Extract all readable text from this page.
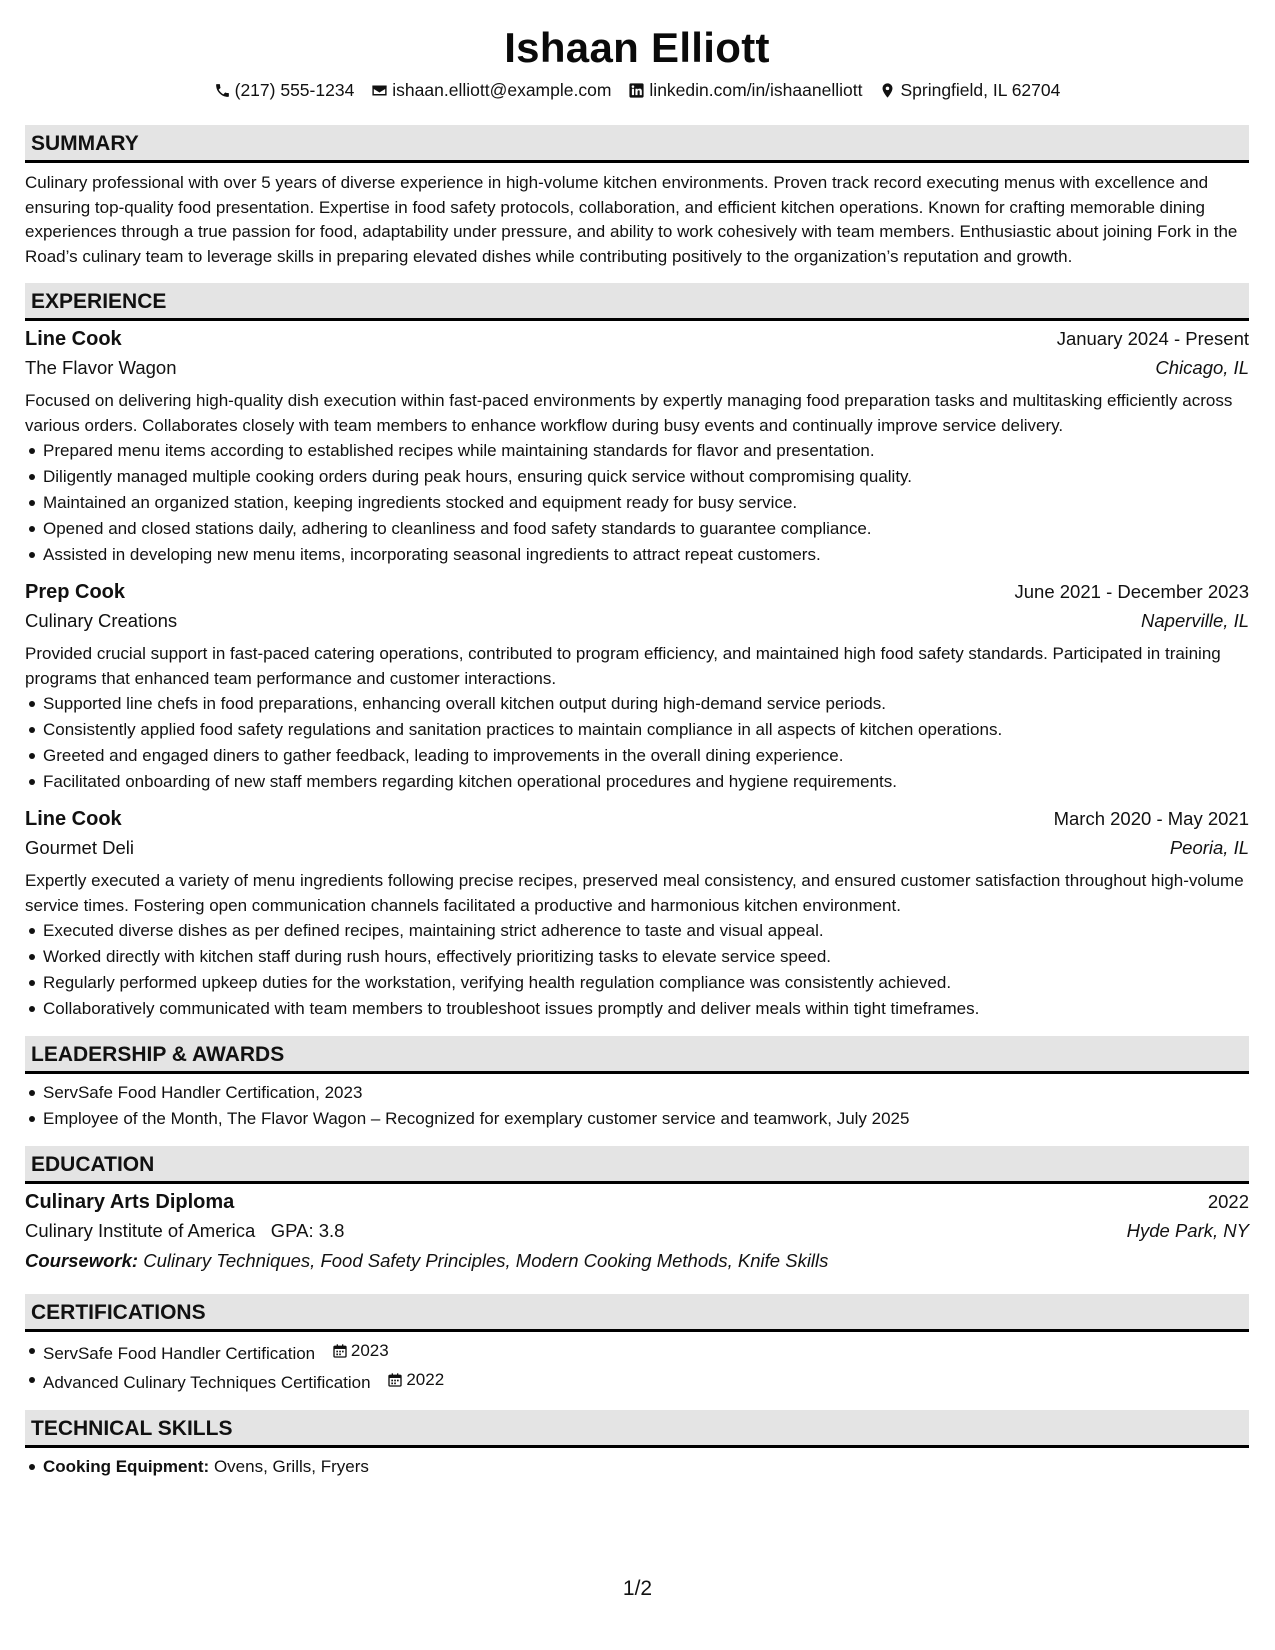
Ishaan Elliott
(217) 555-1234 ishaan.elliott@example.com linkedin.com/in/ishaanelliott Springfield, IL 62704
SUMMARY

Culinary professional with over 5 years of diverse experience in high-volume kitchen environments. Proven track record executing menus with excellence and ensuring top-quality food presentation. Expertise in food safety protocols, collaboration, and efficient kitchen operations. Known for crafting memorable dining experiences through a true passion for food, adaptability under pressure, and ability to work cohesively with team members. Enthusiastic about joining Fork in the Road’s culinary team to leverage skills in preparing elevated dishes while contributing positively to the organization’s reputation and growth.

EXPERIENCE
Line Cook	January 2024 - Present
The Flavor Wagon	Chicago, IL

Focused on delivering high-quality dish execution within fast-paced environments by expertly managing food preparation tasks and multitasking efficiently across various orders. Collaborates closely with team members to enhance workflow during busy events and continually improve service delivery.

Prepared menu items according to established recipes while maintaining standards for flavor and presentation.
Diligently managed multiple cooking orders during peak hours, ensuring quick service without compromising quality.
Maintained an organized station, keeping ingredients stocked and equipment ready for busy service.
Opened and closed stations daily, adhering to cleanliness and food safety standards to guarantee compliance.
Assisted in developing new menu items, incorporating seasonal ingredients to attract repeat customers.
Prep Cook	June 2021 - December 2023
Culinary Creations	Naperville, IL

Provided crucial support in fast-paced catering operations, contributed to program efficiency, and maintained high food safety standards. Participated in training programs that enhanced team performance and customer interactions.

Supported line chefs in food preparations, enhancing overall kitchen output during high-demand service periods.
Consistently applied food safety regulations and sanitation practices to maintain compliance in all aspects of kitchen operations.
Greeted and engaged diners to gather feedback, leading to improvements in the overall dining experience.
Facilitated onboarding of new staff members regarding kitchen operational procedures and hygiene requirements.
Line Cook	March 2020 - May 2021
Gourmet Deli	Peoria, IL

Expertly executed a variety of menu ingredients following precise recipes, preserved meal consistency, and ensured customer satisfaction throughout high-volume service times. Fostering open communication channels facilitated a productive and harmonious kitchen environment.

Executed diverse dishes as per defined recipes, maintaining strict adherence to taste and visual appeal.
Worked directly with kitchen staff during rush hours, effectively prioritizing tasks to elevate service speed.
Regularly performed upkeep duties for the workstation, verifying health regulation compliance was consistently achieved.
Collaboratively communicated with team members to troubleshoot issues promptly and deliver meals within tight timeframes.
LEADERSHIP & AWARDS
ServSafe Food Handler Certification, 2023
Employee of the Month, The Flavor Wagon – Recognized for exemplary customer service and teamwork, July 2025
EDUCATION
Culinary Arts Diploma	2022
Culinary Institute of America GPA: 3.8	Hyde Park, NY
Coursework: Culinary Techniques, Food Safety Principles, Modern Cooking Methods, Knife Skills
CERTIFICATIONS
ServSafe Food Handler Certification 2023
Advanced Culinary Techniques Certification 2022
TECHNICAL SKILLS
Cooking Equipment: Ovens, Grills, Fryers
1/2
